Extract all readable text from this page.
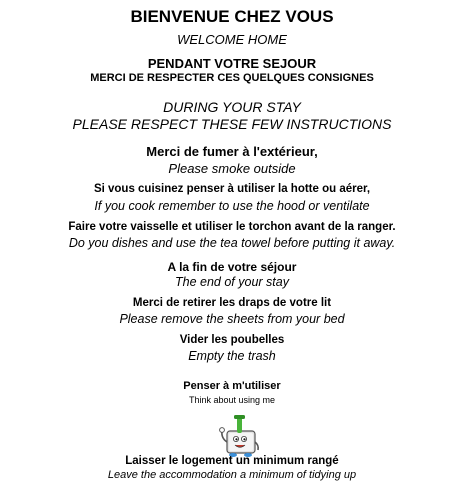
BIENVENUE CHEZ VOUS
WELCOME HOME
PENDANT VOTRE SEJOUR
MERCI DE RESPECTER CES QUELQUES CONSIGNES
DURING YOUR STAY
PLEASE RESPECT THESE FEW INSTRUCTIONS
Merci de fumer à l'extérieur,
Please smoke outside
Si vous cuisinez penser à utiliser la hotte ou aérer,
If you cook remember to use the hood or ventilate
Faire votre vaisselle et utiliser le torchon avant de la ranger.
Do you dishes and use the tea towel before putting it away.
A la fin de votre séjour
The end of your stay
Merci de retirer les draps de votre lit
Please remove the sheets from your bed
Vider les poubelles
Empty the trash
Penser à m'utiliser
Think about using me
Laisser le logement un minimum rangé
Leave the accommodation a minimum of tidying up
